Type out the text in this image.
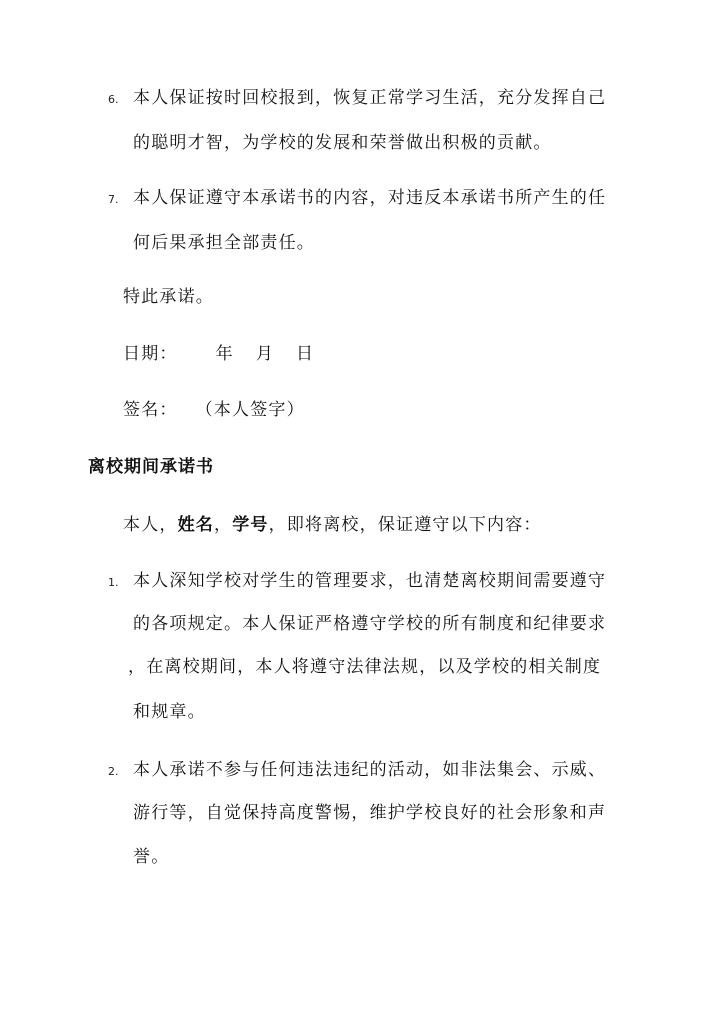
6. 本人保证按时回校报到，恢复正常学习生活，充分发挥自己
的聪明才智，为学校的发展和荣誉做出积极的贡献。
7. 本人保证遵守本承诺书的内容，对违反本承诺书所产生的任
何后果承担全部责任。
特此承诺。
日期： 年 月 日
签名： （本人签字）
离校期间承诺书
本人，姓名，学号，即将离校，保证遵守以下内容：
1. 本人深知学校对学生的管理要求，也清楚离校期间需要遵守
的各项规定。本人保证严格遵守学校的所有制度和纪律要求
，在离校期间，本人将遵守法律法规，以及学校的相关制度
和规章。
2. 本人承诺不参与任何违法违纪的活动，如非法集会、示威、
游行等，自觉保持高度警惕，维护学校良好的社会形象和声
誉。
